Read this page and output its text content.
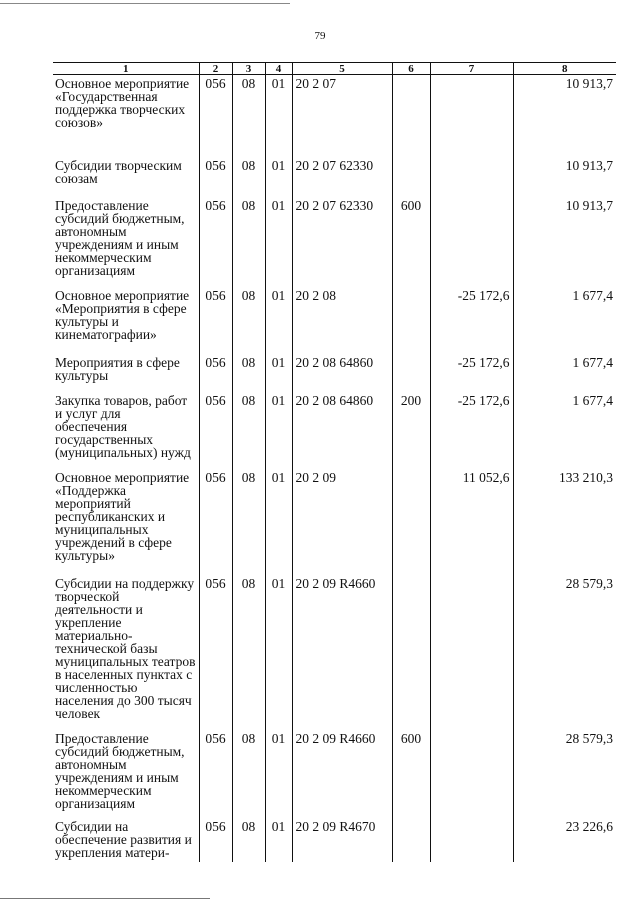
79
1	2	3	4	5	6	7	8
Основное мероприятие «Государственная поддержка творческих союзов»	056	08	01	20 2 07			10 913,7
Субсидии творческим союзам	056	08	01	20 2 07 62330			10 913,7
Предоставление субсидий бюджетным, автономным учреждениям и иным некоммерческим организациям	056	08	01	20 2 07 62330	600		10 913,7
Основное мероприятие «Мероприятия в сфере культуры и кинематографии»	056	08	01	20 2 08		-25 172,6	1 677,4
Мероприятия в сфере культуры	056	08	01	20 2 08 64860		-25 172,6	1 677,4
Закупка товаров, работ и услуг для обеспечения государственных (муниципальных) нужд	056	08	01	20 2 08 64860	200	-25 172,6	1 677,4
Основное мероприятие «Поддержка мероприятий республиканских и муниципальных учреждений в сфере культуры»	056	08	01	20 2 09		11 052,6	133 210,3
Субсидии на поддержку творческой деятельности и укрепление материально-технической базы муниципальных театров в населенных пунктах с численностью населения до 300 тысяч человек	056	08	01	20 2 09 R4660			28 579,3
Предоставление субсидий бюджетным, автономным учреждениям и иным некоммерческим организациям	056	08	01	20 2 09 R4660	600		28 579,3
Субсидии на обеспечение развития и укрепления матери-	056	08	01	20 2 09 R4670			23 226,6
